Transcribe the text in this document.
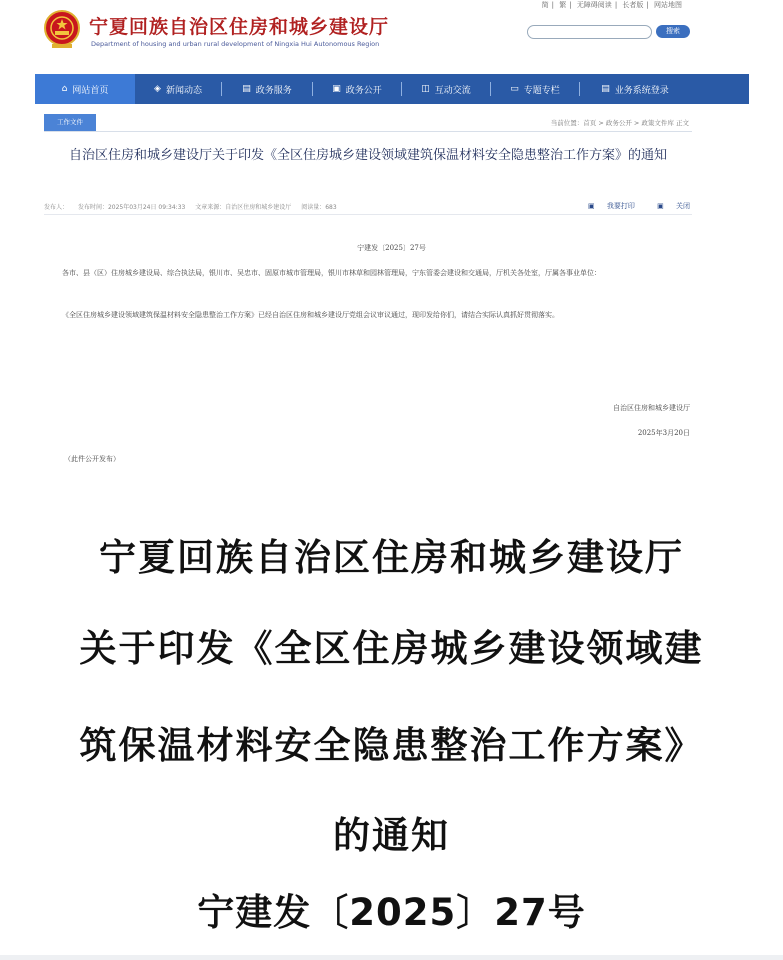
简 | 繁 | 无障碍阅读 | 长者版 | 网站地图
宁夏回族自治区住房和城乡建设厅
Department of housing and urban rural development of Ningxia Hui Autonomous Region
搜索
⌂ 网站首页	◈ 新闻动态	▤ 政务服务	▣ 政务公开	◫ 互动交流	▭ 专题专栏	▤ 业务系统登录
工作文件	当前位置：首页 > 政务公开 > 政策文件库 正文
自治区住房和城乡建设厅关于印发《全区住房城乡建设领域建筑保温材料安全隐患整治工作方案》的通知
发布人： 发布时间：2025年03月24日 09:34:33 文章来源：自治区住房和城乡建设厅 阅读量：683	▣ 我要打印	▣ 关闭
宁建发〔2025〕27号
各市、县（区）住房城乡建设局、综合执法局，银川市、吴忠市、固原市城市管理局，银川市林草和园林管理局，宁东管委会建设和交通局，厅机关各处室，厅属各事业单位：
《全区住房城乡建设领域建筑保温材料安全隐患整治工作方案》已经自治区住房和城乡建设厅党组会议审议通过，现印发给你们，请结合实际认真抓好贯彻落实。
自治区住房和城乡建设厅
2025年3月20日
（此件公开发布）
宁夏回族自治区住房和城乡建设厅
关于印发《全区住房城乡建设领域建
筑保温材料安全隐患整治工作方案》
的通知
宁建发〔2025〕27号
